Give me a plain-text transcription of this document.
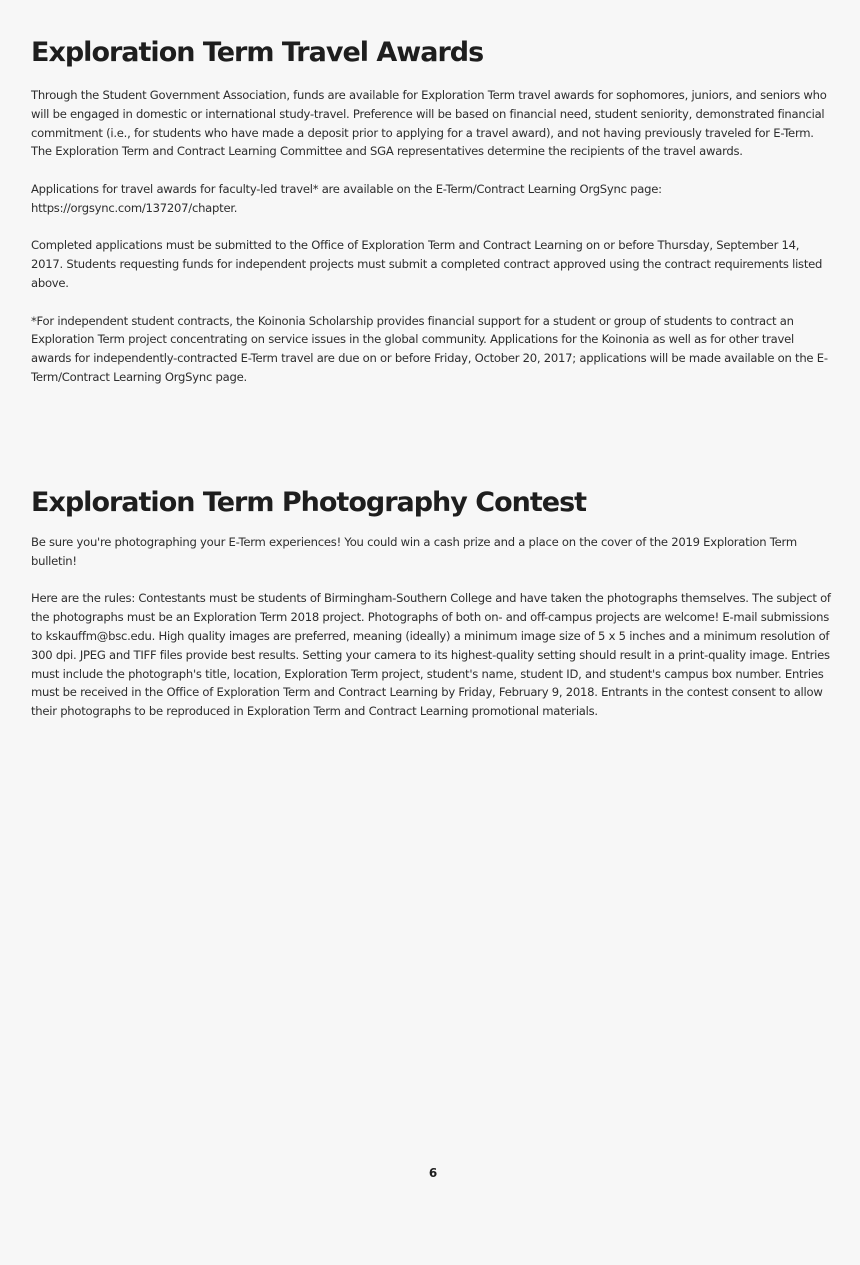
Exploration Term Travel Awards

Through the Student Government Association, funds are available for Exploration Term travel awards for sophomores, juniors, and seniors who will be engaged in domestic or international study-travel. Preference will be based on financial need, student seniority, demonstrated financial commitment (i.e., for students who have made a deposit prior to applying for a travel award), and not having previously traveled for E-Term. The Exploration Term and Contract Learning Committee and SGA representatives determine the recipients of the travel awards.

Applications for travel awards for faculty-led travel* are available on the E-Term/Contract Learning OrgSync page: https://orgsync.com/137207/chapter.

Completed applications must be submitted to the Office of Exploration Term and Contract Learning on or before Thursday, September 14, 2017. Students requesting funds for independent projects must submit a completed contract approved using the contract requirements listed above.

*For independent student contracts, the Koinonia Scholarship provides financial support for a student or group of students to contract an Exploration Term project concentrating on service issues in the global community. Applications for the Koinonia as well as for other travel awards for independently-contracted E-Term travel are due on or before Friday, October 20, 2017; applications will be made available on the E-Term/Contract Learning OrgSync page.

Exploration Term Photography Contest

Be sure you're photographing your E-Term experiences! You could win a cash prize and a place on the cover of the 2019 Exploration Term bulletin!

Here are the rules: Contestants must be students of Birmingham-Southern College and have taken the photographs themselves. The subject of the photographs must be an Exploration Term 2018 project. Photographs of both on- and off-campus projects are welcome! E-mail submissions to kskauffm@bsc.edu. High quality images are preferred, meaning (ideally) a minimum image size of 5 x 5 inches and a minimum resolution of 300 dpi. JPEG and TIFF files provide best results. Setting your camera to its highest-quality setting should result in a print-quality image. Entries must include the photograph's title, location, Exploration Term project, student's name, student ID, and student's campus box number. Entries must be received in the Office of Exploration Term and Contract Learning by Friday, February 9, 2018. Entrants in the contest consent to allow their photographs to be reproduced in Exploration Term and Contract Learning promotional materials.

6
